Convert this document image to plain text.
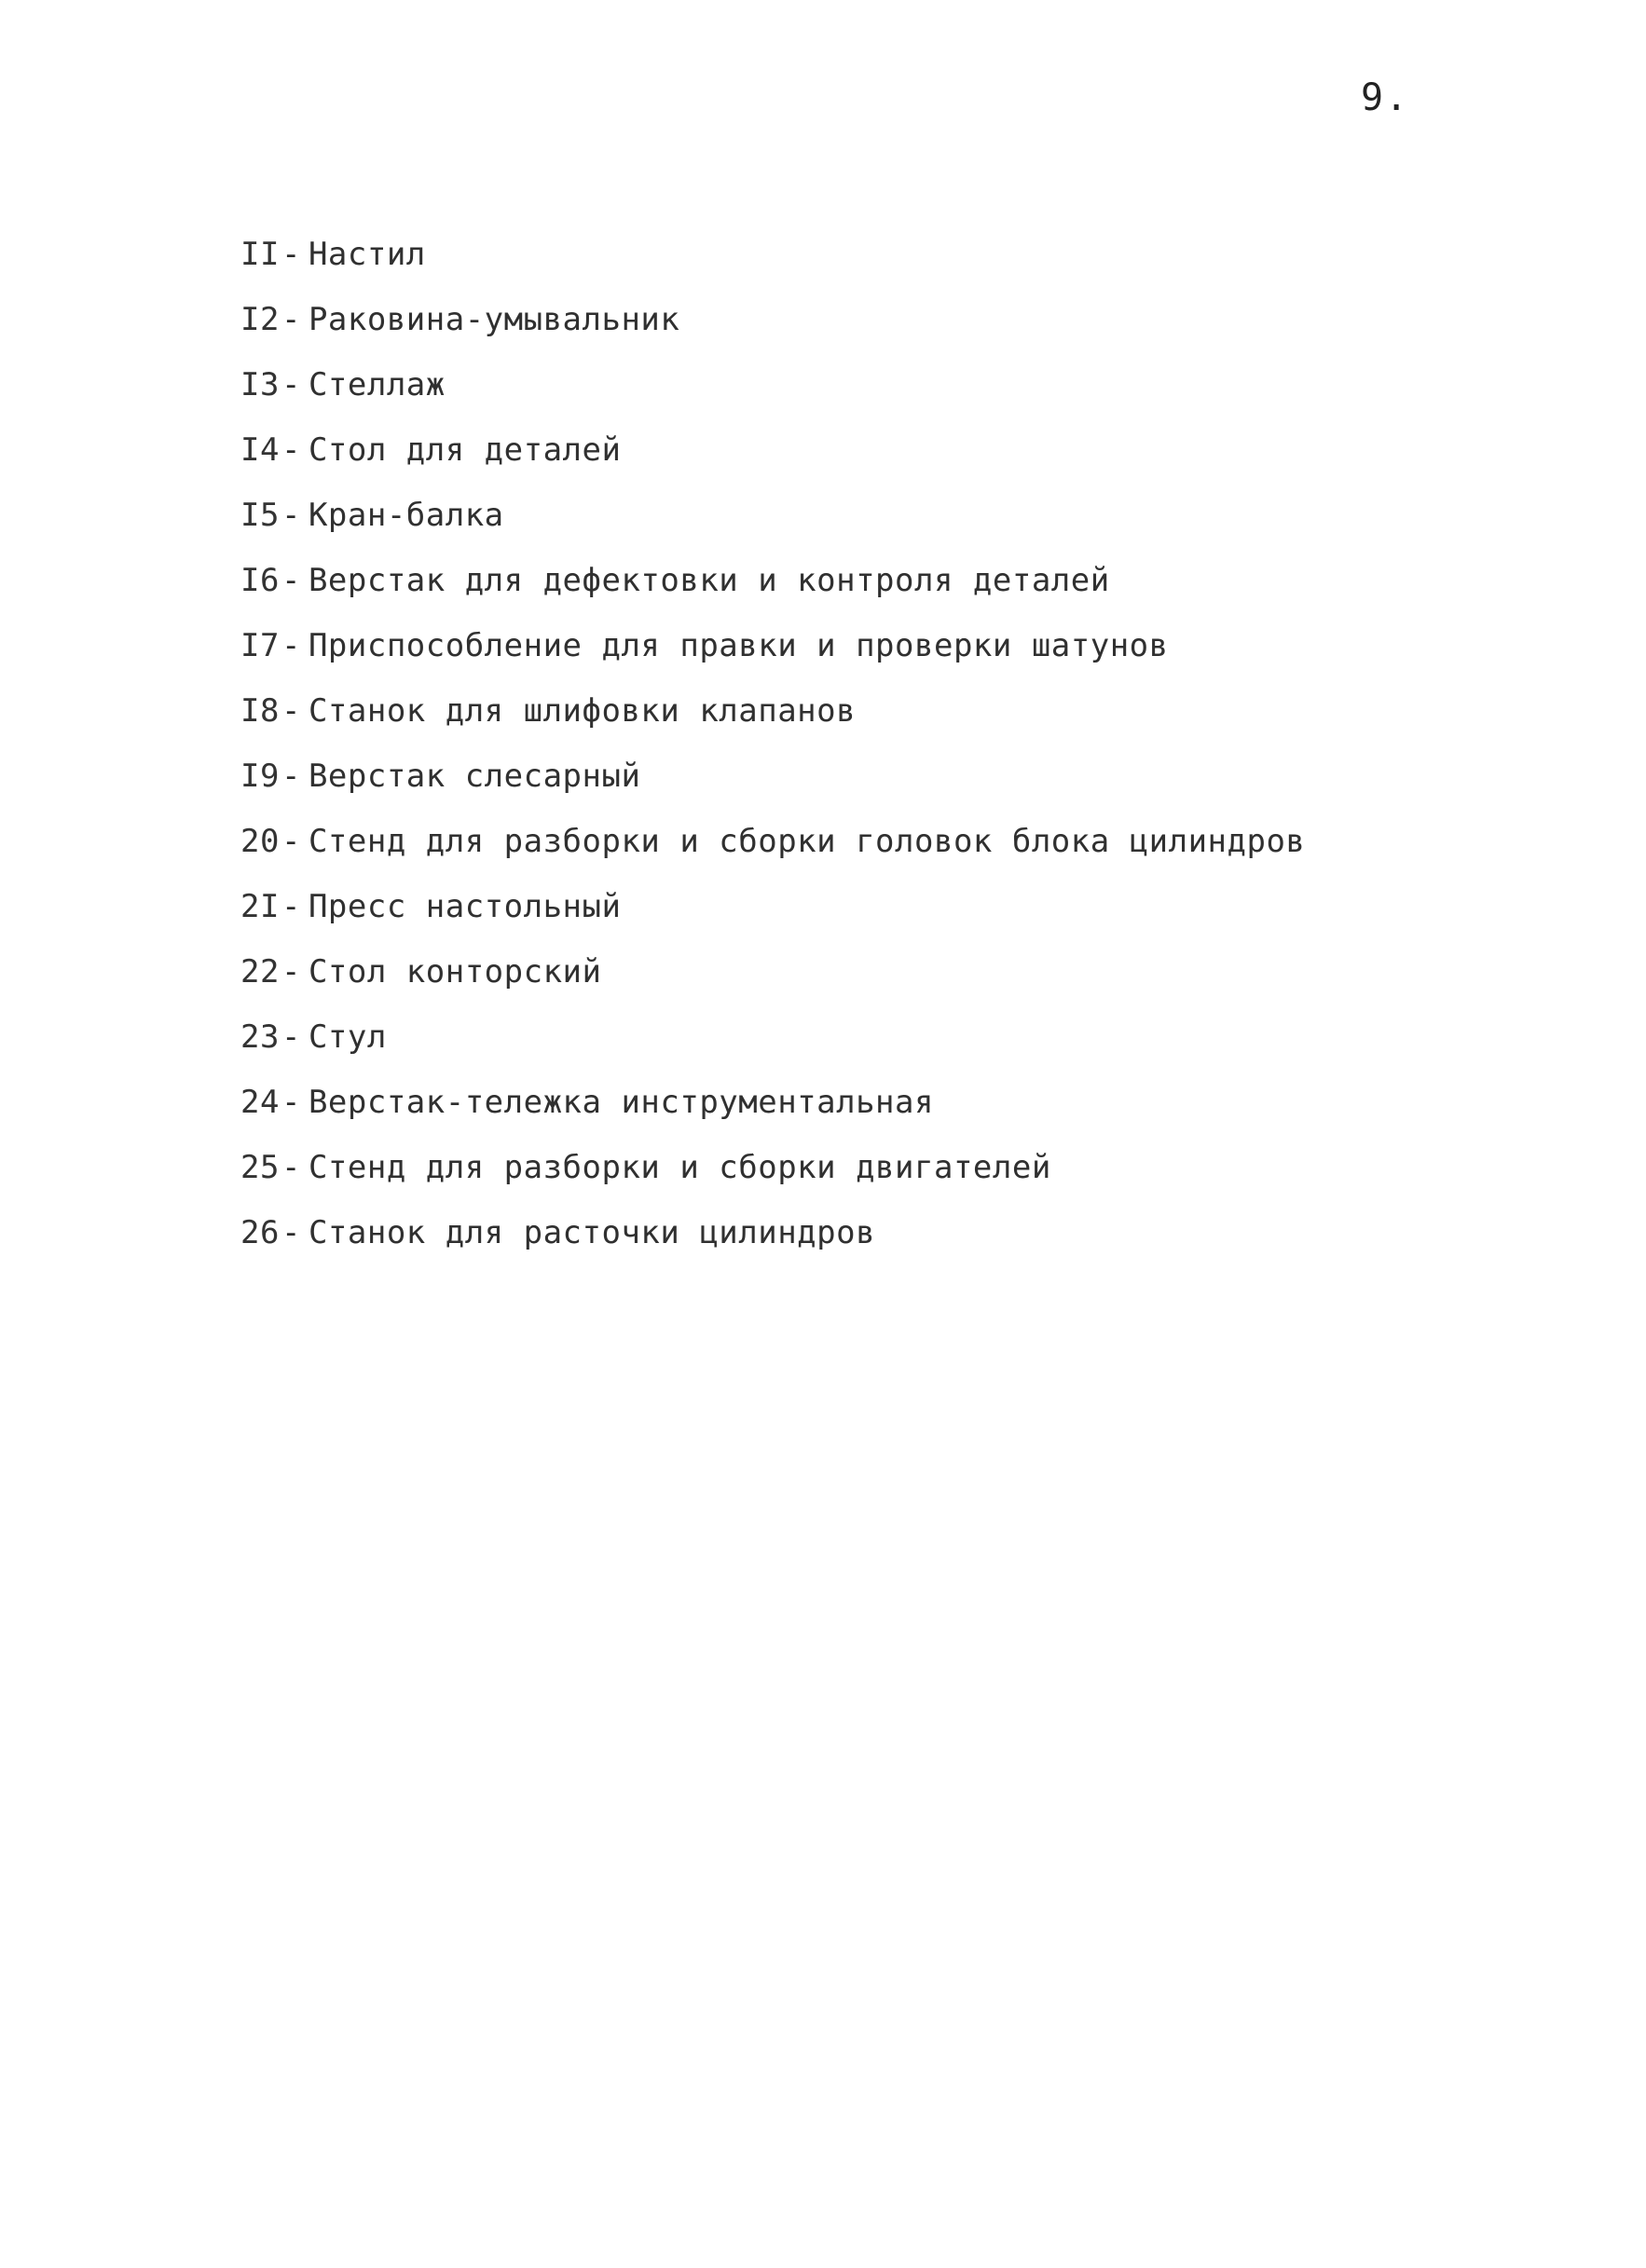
9.
II- Настил
I2- Раковина-умывальник
I3- Стеллаж
I4- Стол для деталей
I5- Кран-балка
I6- Верстак для дефектовки и контроля деталей
I7- Приспособление для правки и проверки шатунов
I8- Станок для шлифовки клапанов
I9- Верстак слесарный
20- Стенд для разборки и сборки головок блока цилиндров
2I- Пресс настольный
22- Стол конторский
23- Стул
24- Верстак-тележка инструментальная
25- Стенд для разборки и сборки двигателей
26- Станок для расточки цилиндров
